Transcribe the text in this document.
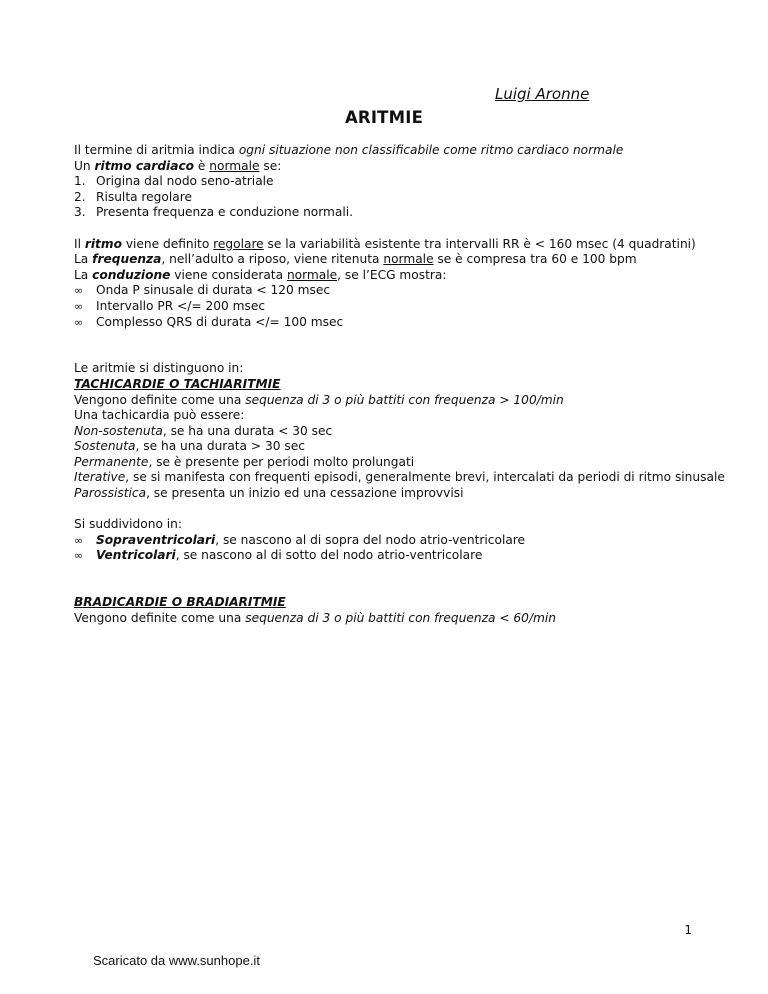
Luigi Aronne
ARITMIE
Il termine di aritmia indica ogni situazione non classificabile come ritmo cardiaco normale
Un ritmo cardiaco è normale se:
1. Origina dal nodo seno-atriale
2. Risulta regolare
3. Presenta frequenza e conduzione normali.
Il ritmo viene definito regolare se la variabilità esistente tra intervalli RR è < 160 msec (4 quadratini)
La frequenza, nell’adulto a riposo, viene ritenuta normale se è compresa tra 60 e 100 bpm
La conduzione viene considerata normale, se l’ECG mostra:
∞ Onda P sinusale di durata < 120 msec
∞ Intervallo PR </= 200 msec
∞ Complesso QRS di durata </= 100 msec
Le aritmie si distinguono in:
TACHICARDIE O TACHIARITMIE
Vengono definite come una sequenza di 3 o più battiti con frequenza > 100/min
Una tachicardia può essere:
Non-sostenuta, se ha una durata < 30 sec
Sostenuta, se ha una durata > 30 sec
Permanente, se è presente per periodi molto prolungati
Iterative, se si manifesta con frequenti episodi, generalmente brevi, intercalati da periodi di ritmo sinusale
Parossistica, se presenta un inizio ed una cessazione improvvisi
Si suddividono in:
∞ Sopraventricolari, se nascono al di sopra del nodo atrio-ventricolare
∞ Ventricolari, se nascono al di sotto del nodo atrio-ventricolare
BRADICARDIE O BRADIARITMIE
Vengono definite come una sequenza di 3 o più battiti con frequenza < 60/min
1
Scaricato da www.sunhope.it
